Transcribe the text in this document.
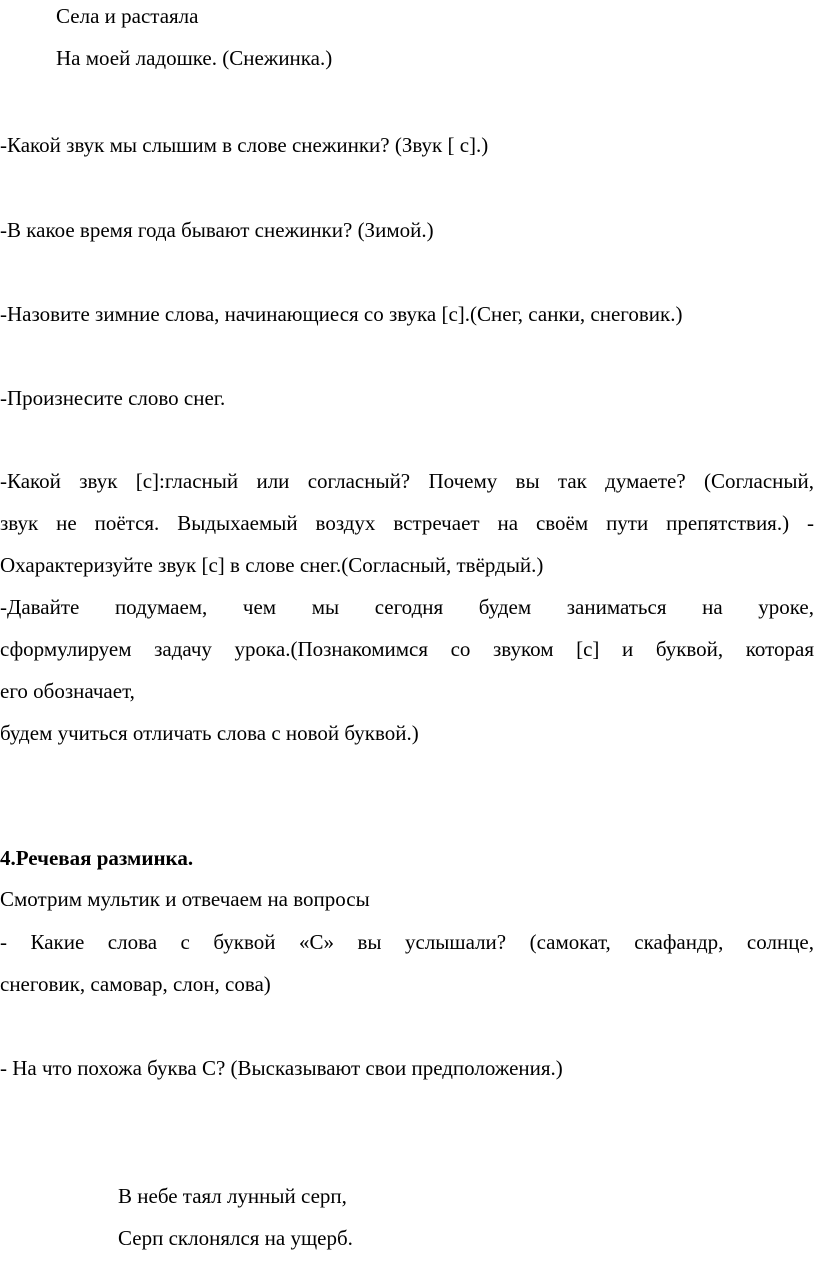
Села и растаяла

На моей ладошке. (Снежинка.)

-Какой звук мы слышим в слове снежинки? (Звук [ с].)

-В какое время года бывают снежинки? (Зимой.)

-Назовите зимние слова, начинающиеся со звука [с].(Снег, санки, снеговик.)

-Произнесите слово снег.

-Какой звук [с]:гласный или согласный? Почему вы так думаете? (Согласный,

звук не поётся. Выдыхаемый воздух встречает на своём пути препятствия.) -

Охарактеризуйте звук [с] в слове снег.(Согласный, твёрдый.)

-Давайте подумаем, чем мы сегодня будем заниматься на уроке,

сформулируем задачу урока.(Познакомимся со звуком [с] и буквой, которая

его обозначает,

будем учиться отличать слова с новой буквой.)

4.Речевая разминка.

Смотрим мультик и отвечаем на вопросы

- Какие слова с буквой «С» вы услышали? (самокат, скафандр, солнце,

снеговик, самовар, слон, сова)

- На что похожа буква С? (Высказывают свои предположения.)

В небе таял лунный серп,

Серп склонялся на ущерб.
